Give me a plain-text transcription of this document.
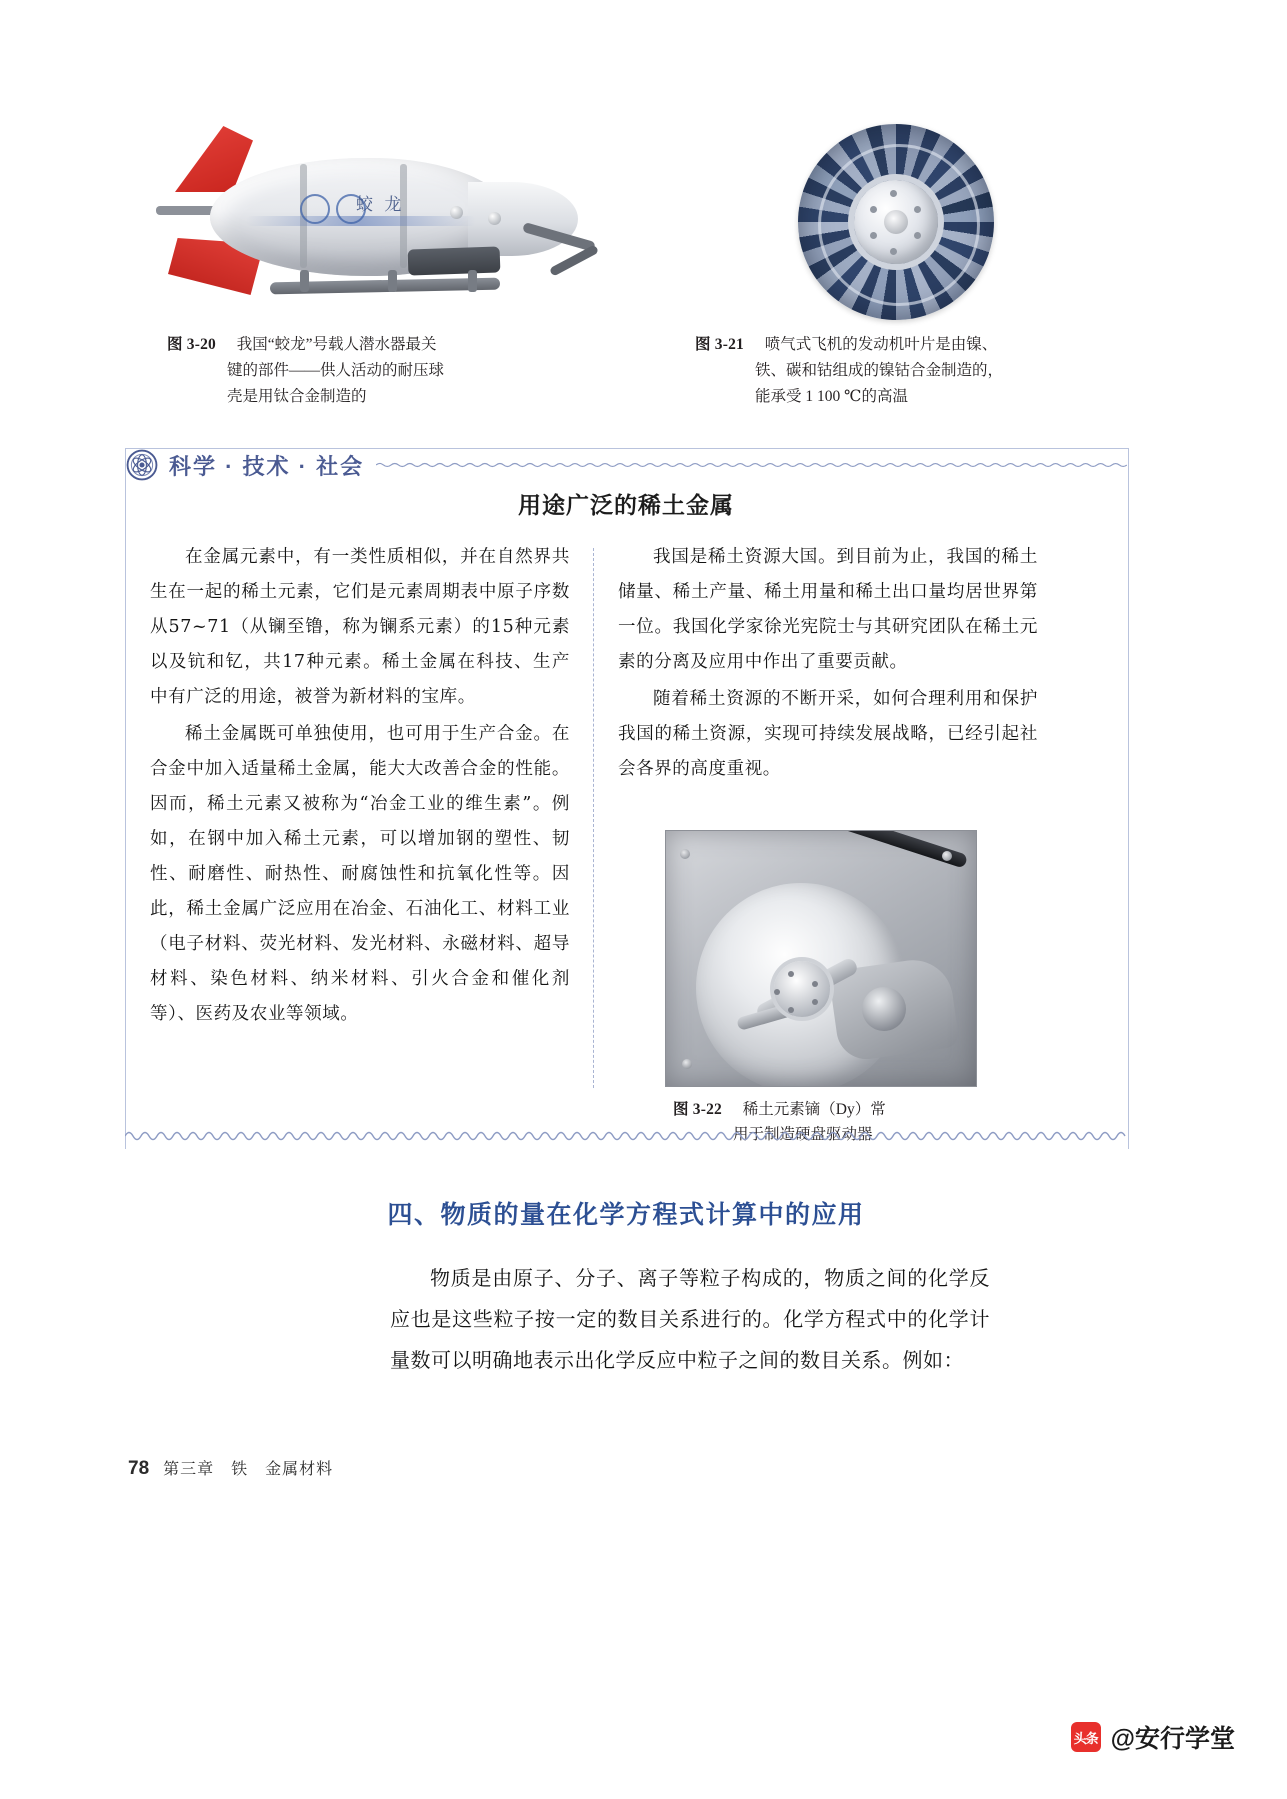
蛟 龙
图 3-20 我国“蛟龙”号载人潜水器最关
键的部件——供人活动的耐压球
壳是用钛合金制造的
图 3-21 喷气式飞机的发动机叶片是由镍、
铁、碳和钴组成的镍钴合金制造的，
能承受 1 100 ℃的高温
科学 · 技术 · 社会
用途广泛的稀土金属

在金属元素中，有一类性质相似，并在自然界共生在一起的稀土元素，它们是元素周期表中原子序数从57~71（从镧至镥，称为镧系元素）的15种元素以及钪和钇，共17种元素。稀土金属在科技、生产中有广泛的用途，被誉为新材料的宝库。

稀土金属既可单独使用，也可用于生产合金。在合金中加入适量稀土金属，能大大改善合金的性能。因而，稀土元素又被称为“冶金工业的维生素”。例如，在钢中加入稀土元素，可以增加钢的塑性、韧性、耐磨性、耐热性、耐腐蚀性和抗氧化性等。因此，稀土金属广泛应用在冶金、石油化工、材料工业（电子材料、荧光材料、发光材料、永磁材料、超导材料、染色材料、纳米材料、引火合金和催化剂等）、医药及农业等领域。

我国是稀土资源大国。到目前为止，我国的稀土储量、稀土产量、稀土用量和稀土出口量均居世界第一位。我国化学家徐光宪院士与其研究团队在稀土元素的分离及应用中作出了重要贡献。

随着稀土资源的不断开采，如何合理利用和保护我国的稀土资源，实现可持续发展战略，已经引起社会各界的高度重视。

图 3-22 稀土元素镝（Dy）常
用于制造硬盘驱动器
四、物质的量在化学方程式计算中的应用

物质是由原子、分子、离子等粒子构成的，物质之间的化学反应也是这些粒子按一定的数目关系进行的。化学方程式中的化学计量数可以明确地表示出化学反应中粒子之间的数目关系。例如：

78 第三章　铁　金属材料
头条 @安行学堂
